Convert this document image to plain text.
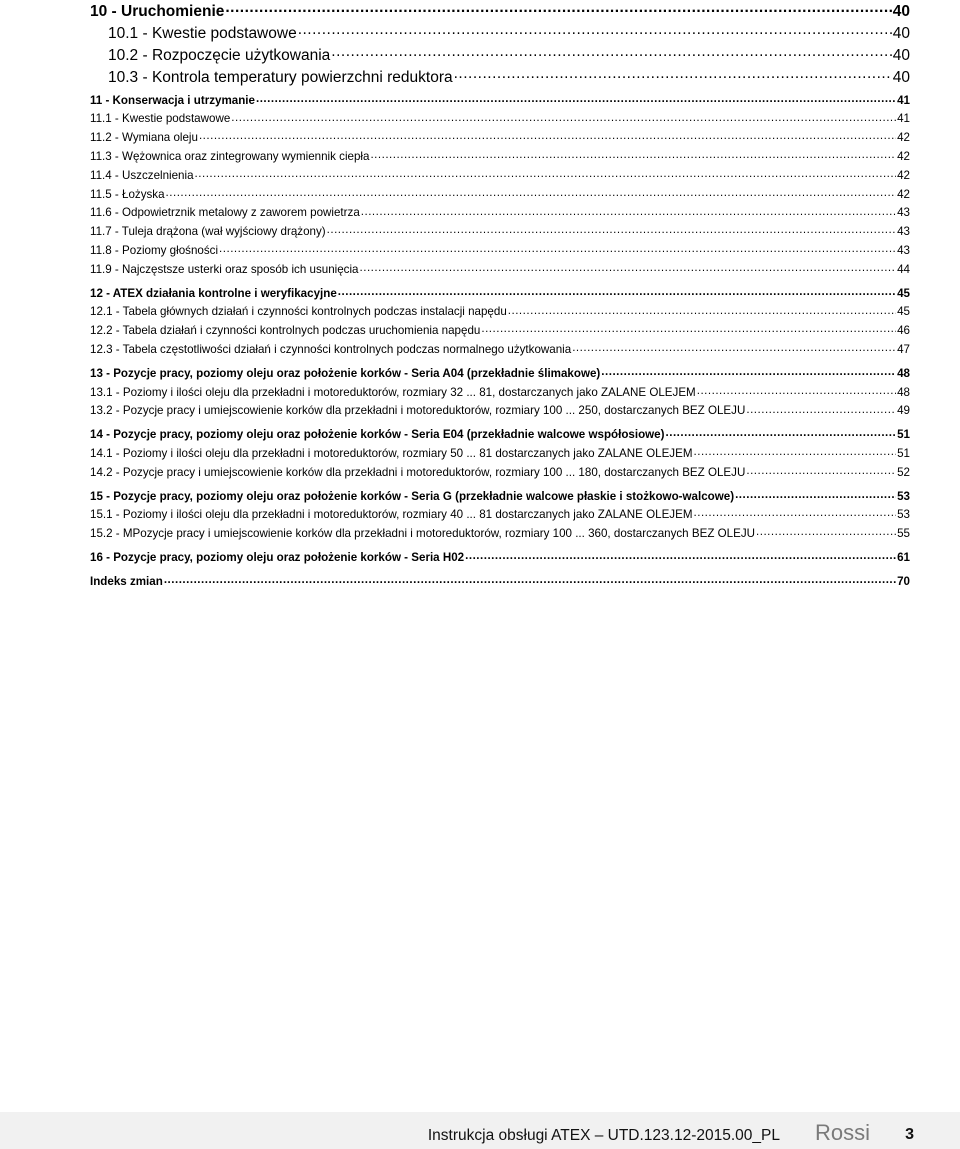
10 - Uruchomienie .....	40
10.1 - Kwestie podstawowe .....	40
10.2 - Rozpoczęcie użytkowania .....	40
10.3 - Kontrola temperatury powierzchni reduktora .....	40
11 - Konserwacja i utrzymanie .....	41
11.1 - Kwestie podstawowe .....	41
11.2 - Wymiana oleju .....	42
11.3 - Wężownica oraz zintegrowany wymiennik ciepła .....	42
11.4 - Uszczelnienia .....	42
11.5 - Łożyska .....	42
11.6 - Odpowietrznik metalowy z zaworem powietrza .....	43
11.7 - Tuleja drążona (wał wyjściowy drążony) .....	43
11.8 - Poziomy głośności .....	43
11.9 - Najczęstsze usterki oraz sposób ich usunięcia .....	44
12 - ATEX działania kontrolne i weryfikacyjne .....	45
12.1 - Tabela głównych działań i czynności kontrolnych podczas instalacji napędu .....	45
12.2 - Tabela działań i czynności kontrolnych podczas uruchomienia napędu .....	46
12.3 - Tabela częstotliwości działań i czynności kontrolnych podczas normalnego użytkowania .....	47
13 - Pozycje pracy, poziomy oleju oraz położenie korków - Seria A04 (przekładnie ślimakowe) .....	48
13.1 - Poziomy i ilości oleju dla przekładni i motoreduktorów, rozmiary 32 ... 81, dostarczanych jako ZALANE OLEJEM .....	48
13.2 - Pozycje pracy i umiejscowienie korków dla przekładni i motoreduktorów, rozmiary 100 ... 250, dostarczanych BEZ OLEJU .....	49
14 - Pozycje pracy, poziomy oleju oraz położenie korków - Seria E04 (przekładnie walcowe współosiowe) .....	51
14.1 - Poziomy i ilości oleju dla przekładni i motoreduktorów, rozmiary 50 ... 81 dostarczanych jako ZALANE OLEJEM .....	51
14.2 - Pozycje pracy i umiejscowienie korków dla przekładni i motoreduktorów, rozmiary 100 ... 180, dostarczanych BEZ OLEJU .....	52
15 - Pozycje pracy, poziomy oleju oraz położenie korków - Seria G (przekładnie walcowe płaskie i stożkowo-walcowe) .....	53
15.1 - Poziomy i ilości oleju dla przekładni i motoreduktorów, rozmiary 40 ... 81 dostarczanych jako ZALANE OLEJEM .....	53
15.2 - MPozycje pracy i umiejscowienie korków dla przekładni i motoreduktorów, rozmiary 100 ... 360, dostarczanych BEZ OLEJU .....	55
16 - Pozycje pracy, poziomy oleju oraz położenie korków - Seria H02 .....	61
Indeks zmian .....	70
Instrukcja obsługi ATEX – UTD.123.12-2015.00_PL Rossi 3
